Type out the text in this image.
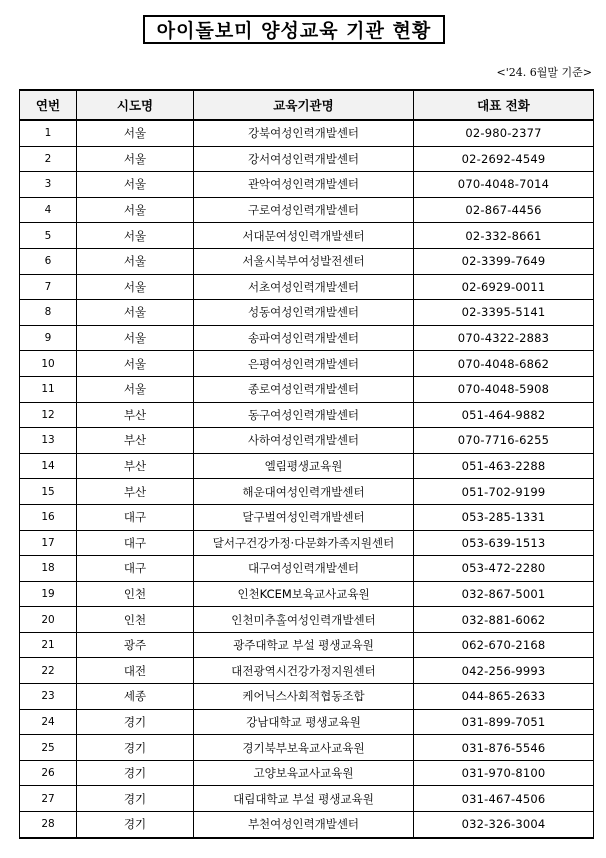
아이돌보미 양성교육 기관 현황
<'24. 6월말 기준>
연번	시도명	교육기관명	대표 전화
1	서울	강북여성인력개발센터	02-980-2377
2	서울	강서여성인력개발센터	02-2692-4549
3	서울	관악여성인력개발센터	070-4048-7014
4	서울	구로여성인력개발센터	02-867-4456
5	서울	서대문여성인력개발센터	02-332-8661
6	서울	서울시북부여성발전센터	02-3399-7649
7	서울	서초여성인력개발센터	02-6929-0011
8	서울	성동여성인력개발센터	02-3395-5141
9	서울	송파여성인력개발센터	070-4322-2883
10	서울	은평여성인력개발센터	070-4048-6862
11	서울	종로여성인력개발센터	070-4048-5908
12	부산	동구여성인력개발센터	051-464-9882
13	부산	사하여성인력개발센터	070-7716-6255
14	부산	엘림평생교육원	051-463-2288
15	부산	해운대여성인력개발센터	051-702-9199
16	대구	달구벌여성인력개발센터	053-285-1331
17	대구	달서구건강가정·다문화가족지원센터	053-639-1513
18	대구	대구여성인력개발센터	053-472-2280
19	인천	인천KCEM보육교사교육원	032-867-5001
20	인천	인천미추홀여성인력개발센터	032-881-6062
21	광주	광주대학교 부설 평생교육원	062-670-2168
22	대전	대전광역시건강가정지원센터	042-256-9993
23	세종	케어닉스사회적협동조합	044-865-2633
24	경기	강남대학교 평생교육원	031-899-7051
25	경기	경기북부보육교사교육원	031-876-5546
26	경기	고양보육교사교육원	031-970-8100
27	경기	대림대학교 부설 평생교육원	031-467-4506
28	경기	부천여성인력개발센터	032-326-3004
